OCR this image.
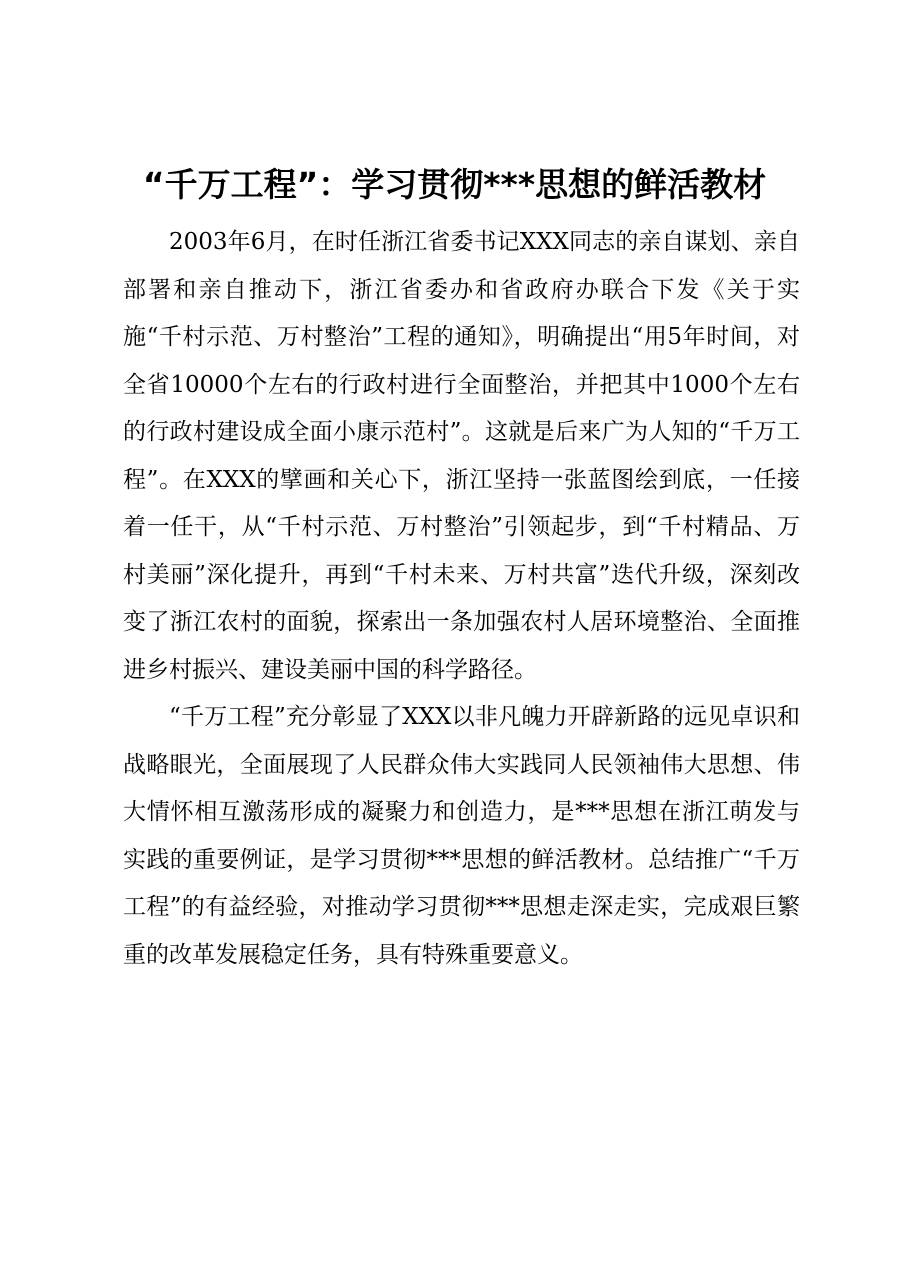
“千万工程”：学习贯彻***思想的鲜活教材

2003年6月，在时任浙江省委书记XXX同志的亲自谋划、亲自部署和亲自推动下，浙江省委办和省政府办联合下发《关于实施“千村示范、万村整治”工程的通知》，明确提出“用5年时间，对全省10000个左右的行政村进行全面整治，并把其中1000个左右的行政村建设成全面小康示范村”。这就是后来广为人知的“千万工程”。在XXX的擘画和关心下，浙江坚持一张蓝图绘到底，一任接着一任干，从“千村示范、万村整治”引领起步，到“千村精品、万村美丽”深化提升，再到“千村未来、万村共富”迭代升级，深刻改变了浙江农村的面貌，探索出一条加强农村人居环境整治、全面推进乡村振兴、建设美丽中国的科学路径。

“千万工程”充分彰显了XXX以非凡魄力开辟新路的远见卓识和战略眼光，全面展现了人民群众伟大实践同人民领袖伟大思想、伟大情怀相互激荡形成的凝聚力和创造力，是***思想在浙江萌发与实践的重要例证，是学习贯彻***思想的鲜活教材。总结推广“千万工程”的有益经验，对推动学习贯彻***思想走深走实，完成艰巨繁重的改革发展稳定任务，具有特殊重要意义。
